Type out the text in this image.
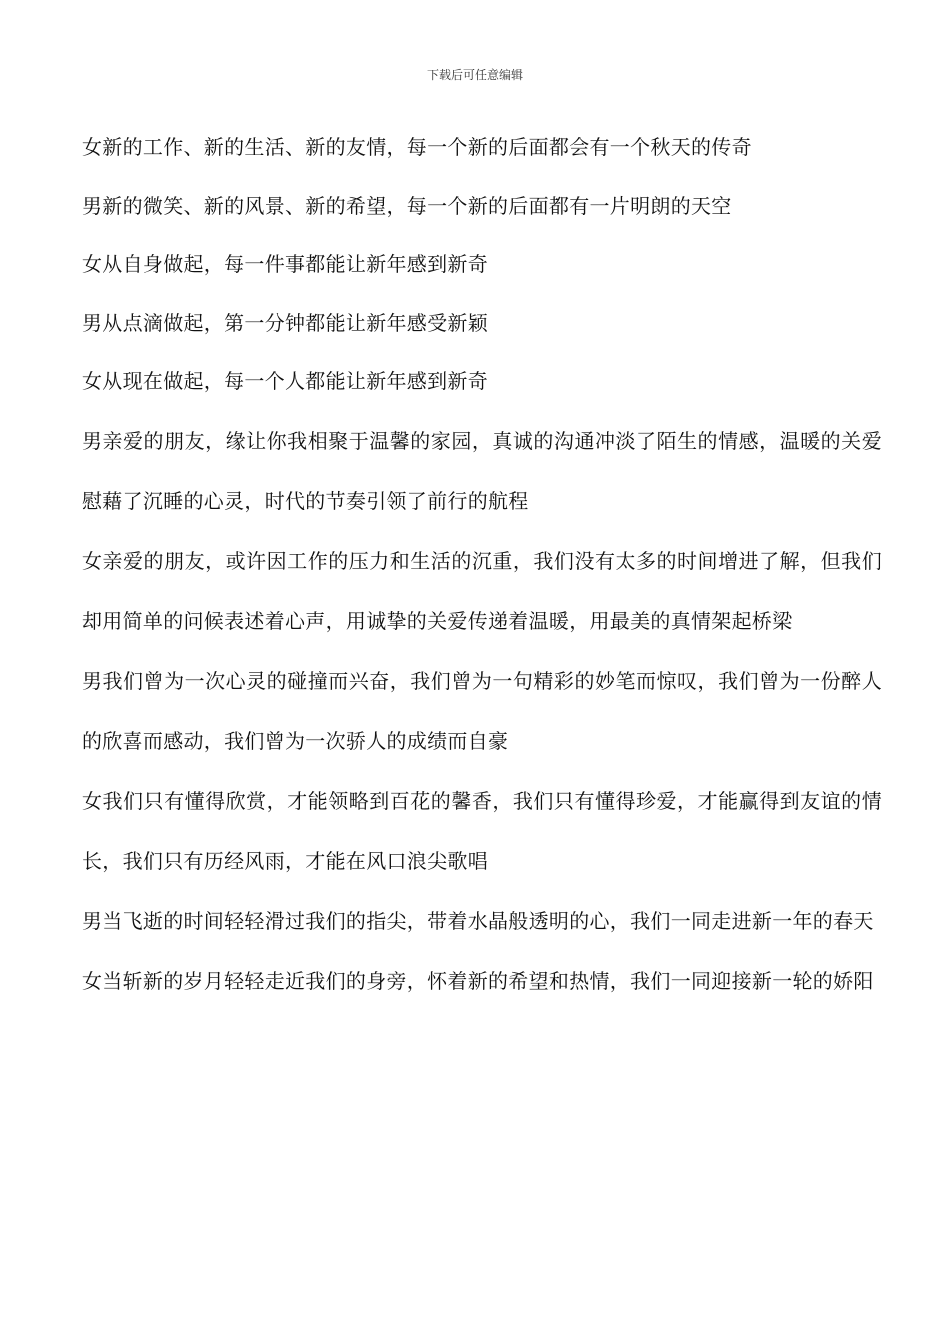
下载后可任意编辑

女新的工作、新的生活、新的友情，每一个新的后面都会有一个秋天的传奇

男新的微笑、新的风景、新的希望，每一个新的后面都有一片明朗的天空

女从自身做起，每一件事都能让新年感到新奇

男从点滴做起，第一分钟都能让新年感受新颖

女从现在做起，每一个人都能让新年感到新奇

男亲爱的朋友，缘让你我相聚于温馨的家园，真诚的沟通冲淡了陌生的情感，温暖的关爱慰藉了沉睡的心灵，时代的节奏引领了前行的航程

女亲爱的朋友，或许因工作的压力和生活的沉重，我们没有太多的时间增进了解，但我们却用简单的问候表述着心声，用诚挚的关爱传递着温暖，用最美的真情架起桥梁

男我们曾为一次心灵的碰撞而兴奋，我们曾为一句精彩的妙笔而惊叹，我们曾为一份醉人的欣喜而感动，我们曾为一次骄人的成绩而自豪

女我们只有懂得欣赏，才能领略到百花的馨香，我们只有懂得珍爱，才能赢得到友谊的情长，我们只有历经风雨，才能在风口浪尖歌唱

男当飞逝的时间轻轻滑过我们的指尖，带着水晶般透明的心，我们一同走进新一年的春天

女当斩新的岁月轻轻走近我们的身旁，怀着新的希望和热情，我们一同迎接新一轮的娇阳
